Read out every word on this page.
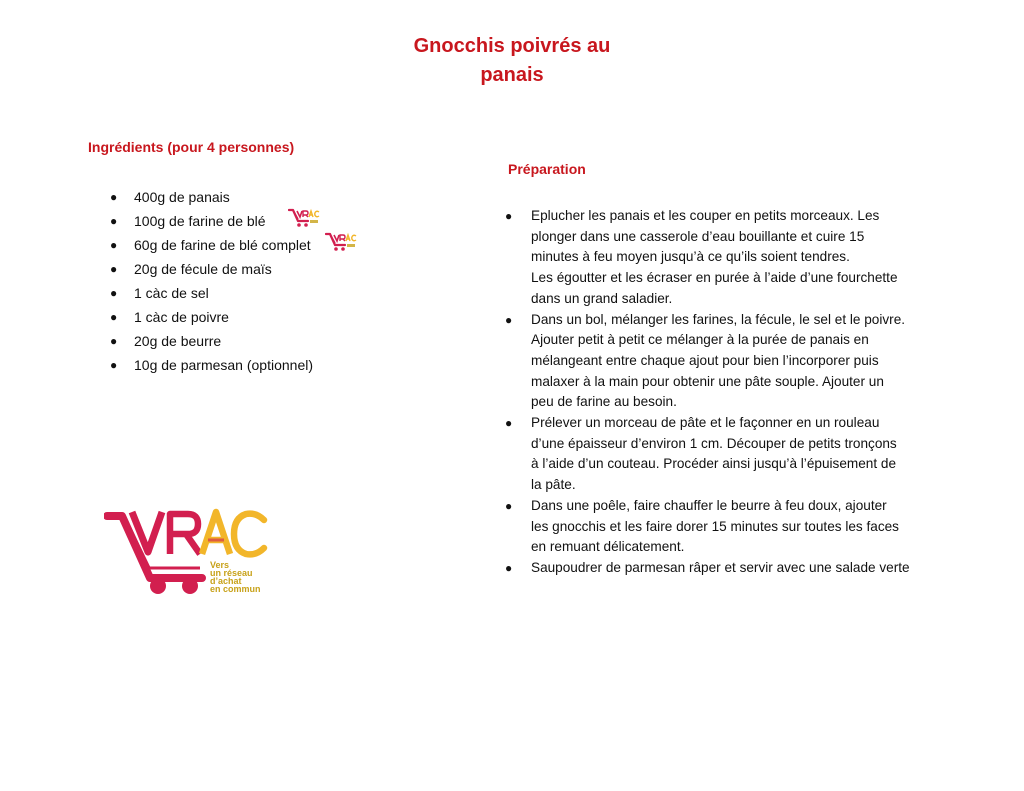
Gnocchis poivrés au
panais
Ingrédients (pour 4 personnes)
● 400g de panais
● 100g de farine de blé
● 60g de farine de blé complet
● 20g de fécule de maïs
● 1 càc de sel
● 1 càc de poivre
● 20g de beurre
● 10g de parmesan (optionnel)
Préparation
● Eplucher les panais et les couper en petits morceaux. Les
plonger dans une casserole d’eau bouillante et cuire 15
minutes à feu moyen jusqu’à ce qu’ils soient tendres.
Les égoutter et les écraser en purée à l’aide d’une fourchette
dans un grand saladier.
● Dans un bol, mélanger les farines, la fécule, le sel et le poivre.
Ajouter petit à petit ce mélanger à la purée de panais en
mélangeant entre chaque ajout pour bien l’incorporer puis
malaxer à la main pour obtenir une pâte souple. Ajouter un
peu de farine au besoin.
● Prélever un morceau de pâte et le façonner en un rouleau
d’une épaisseur d’environ 1 cm. Découper de petits tronçons
à l’aide d’un couteau. Procéder ainsi jusqu’à l’épuisement de
la pâte.
● Dans une poêle, faire chauffer le beurre à feu doux, ajouter
les gnocchis et les faire dorer 15 minutes sur toutes les faces
en remuant délicatement.
● Saupoudrer de parmesan râper et servir avec une salade verte
Vers
un réseau
d’achat
en commun
